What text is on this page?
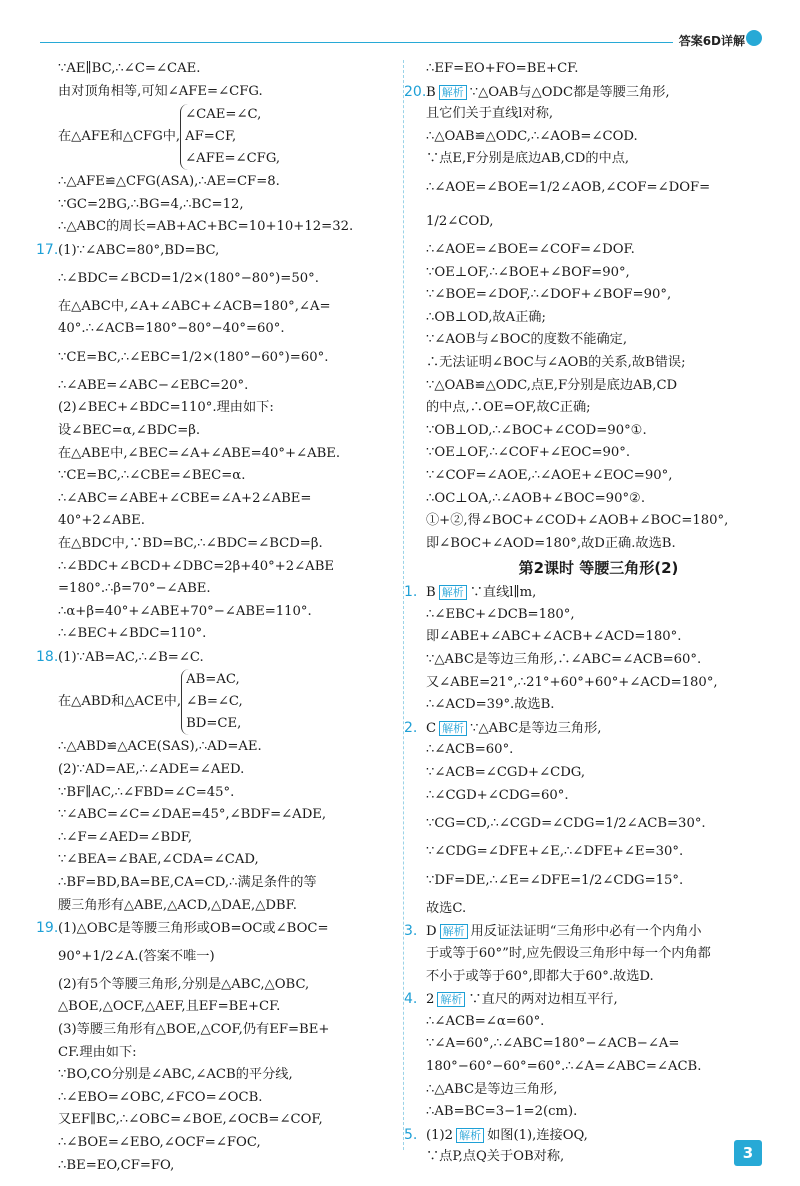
答案6D详解
∵AE∥BC,∴∠C=∠CAE.
由对顶角相等,可知∠AFE=∠CFG.
在△AFE和△CFG中,
∠CAE=∠C,
AF=CF,
∠AFE=∠CFG,
∴△AFE≌△CFG(ASA),∴AE=CF=8.
∵GC=2BG,∴BG=4,∴BC=12,
∴△ABC的周长=AB+AC+BC=10+10+12=32.
17.(1)∵∠ABC=80°,BD=BC,
∴∠BDC=∠BCD=1/2×(180°−80°)=50°.
在△ABC中,∠A+∠ABC+∠ACB=180°,∠A=
40°.∴∠ACB=180°−80°−40°=60°.
∵CE=BC,∴∠EBC=1/2×(180°−60°)=60°.
∴∠ABE=∠ABC−∠EBC=20°.
(2)∠BEC+∠BDC=110°.理由如下:
设∠BEC=α,∠BDC=β.
在△ABE中,∠BEC=∠A+∠ABE=40°+∠ABE.
∵CE=BC,∴∠CBE=∠BEC=α.
∴∠ABC=∠ABE+∠CBE=∠A+2∠ABE=
40°+2∠ABE.
在△BDC中,∵BD=BC,∴∠BDC=∠BCD=β.
∴∠BDC+∠BCD+∠DBC=2β+40°+2∠ABE
=180°.∴β=70°−∠ABE.
∴α+β=40°+∠ABE+70°−∠ABE=110°.
∴∠BEC+∠BDC=110°.
18.(1)∵AB=AC,∴∠B=∠C.
在△ABD和△ACE中,
AB=AC,
∠B=∠C,
BD=CE,
∴△ABD≌△ACE(SAS),∴AD=AE.
(2)∵AD=AE,∴∠ADE=∠AED.
∵BF∥AC,∴∠FBD=∠C=45°.
∵∠ABC=∠C=∠DAE=45°,∠BDF=∠ADE,
∴∠F=∠AED=∠BDF,
∵∠BEA=∠BAE,∠CDA=∠CAD,
∴BF=BD,BA=BE,CA=CD,∴满足条件的等
腰三角形有△ABE,△ACD,△DAE,△DBF.
19.(1)△OBC是等腰三角形或OB=OC或∠BOC=
90°+1/2∠A.(答案不唯一)
(2)有5个等腰三角形,分别是△ABC,△OBC,
△BOE,△OCF,△AEF,且EF=BE+CF.
(3)等腰三角形有△BOE,△COF,仍有EF=BE+
CF.理由如下:
∵BO,CO分别是∠ABC,∠ACB的平分线,
∴∠EBO=∠OBC,∠FCO=∠OCB.
又EF∥BC,∴∠OBC=∠BOE,∠OCB=∠COF,
∴∠BOE=∠EBO,∠OCF=∠FOC,
∴BE=EO,CF=FO,
∴EF=EO+FO=BE+CF.
20.B 解析 ∵△OAB与△ODC都是等腰三角形,
且它们关于直线l对称,
∴△OAB≌△ODC,∴∠AOB=∠COD.
∵点E,F分别是底边AB,CD的中点,
∴∠AOE=∠BOE=1/2∠AOB,∠COF=∠DOF=
1/2∠COD,
∴∠AOE=∠BOE=∠COF=∠DOF.
∵OE⊥OF,∴∠BOE+∠BOF=90°,
∵∠BOE=∠DOF,∴∠DOF+∠BOF=90°,
∴OB⊥OD,故A正确;
∵∠AOB与∠BOC的度数不能确定,
∴无法证明∠BOC与∠AOB的关系,故B错误;
∵△OAB≌△ODC,点E,F分别是底边AB,CD
的中点,∴OE=OF,故C正确;
∵OB⊥OD,∴∠BOC+∠COD=90°①.
∵OE⊥OF,∴∠COF+∠EOC=90°.
∵∠COF=∠AOE,∴∠AOE+∠EOC=90°,
∴OC⊥OA,∴∠AOB+∠BOC=90°②.
①+②,得∠BOC+∠COD+∠AOB+∠BOC=180°,
即∠BOC+∠AOD=180°,故D正确.故选B.
第2课时 等腰三角形(2)
1. B 解析 ∵直线l∥m,
∴∠EBC+∠DCB=180°,
即∠ABE+∠ABC+∠ACB+∠ACD=180°.
∵△ABC是等边三角形,∴∠ABC=∠ACB=60°.
又∠ABE=21°,∴21°+60°+60°+∠ACD=180°,
∴∠ACD=39°.故选B.
2. C 解析 ∵△ABC是等边三角形,
∴∠ACB=60°.
∵∠ACB=∠CGD+∠CDG,
∴∠CGD+∠CDG=60°.
∵CG=CD,∴∠CGD=∠CDG=1/2∠ACB=30°.
∵∠CDG=∠DFE+∠E,∴∠DFE+∠E=30°.
∵DF=DE,∴∠E=∠DFE=1/2∠CDG=15°.
故选C.
3. D 解析 用反证法证明“三角形中必有一个内角小
于或等于60°”时,应先假设三角形中每一个内角都
不小于或等于60°,即都大于60°.故选D.
4. 2 解析 ∵直尺的两对边相互平行,
∴∠ACB=∠α=60°.
∵∠A=60°,∴∠ABC=180°−∠ACB−∠A=
180°−60°−60°=60°.∴∠A=∠ABC=∠ACB.
∴△ABC是等边三角形,
∴AB=BC=3−1=2(cm).
5. (1)2 解析 如图(1),连接OQ,
∵点P,点Q关于OB对称,	3
